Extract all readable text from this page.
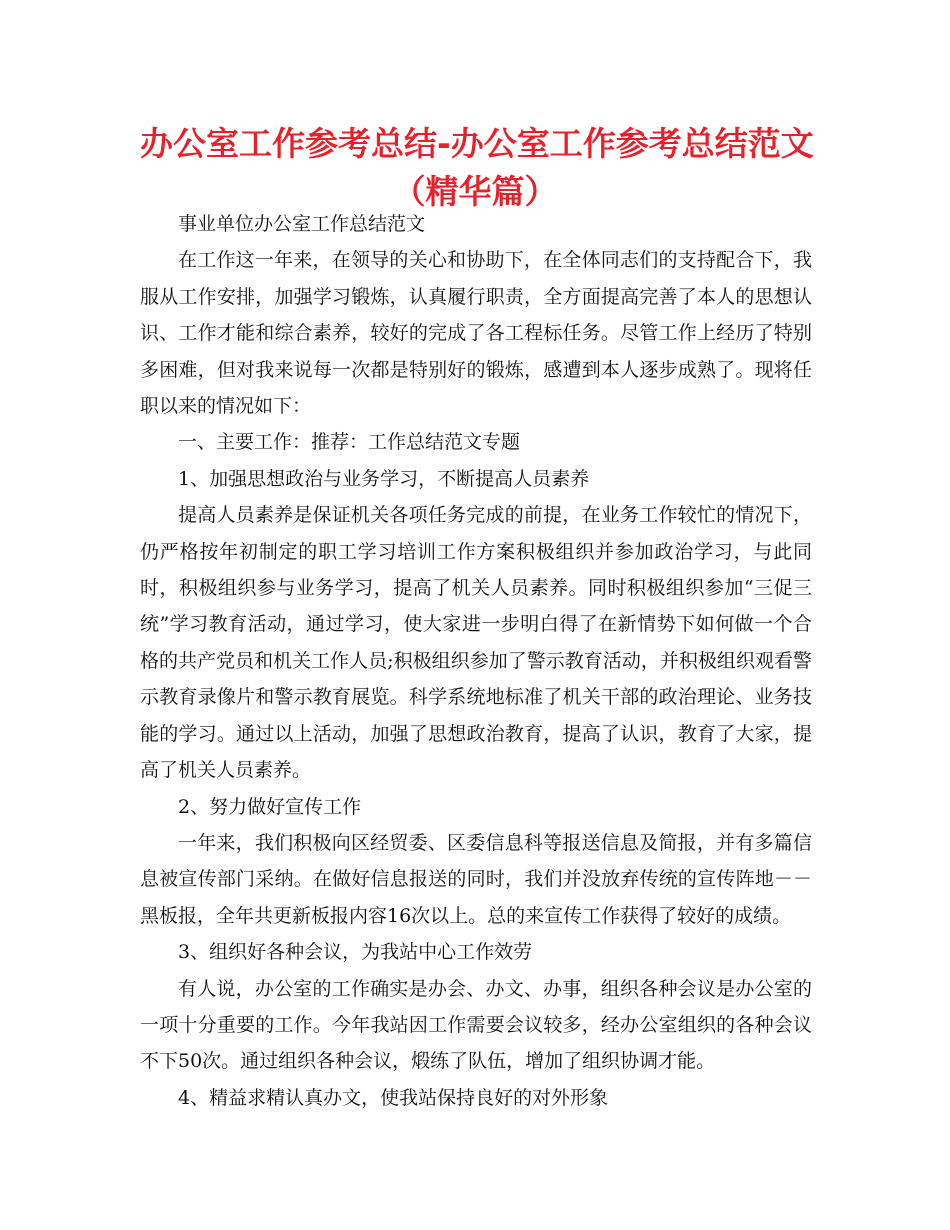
办公室工作参考总结-办公室工作参考总结范文
（精华篇）

事业单位办公室工作总结范文

在工作这一年来，在领导的关心和协助下，在全体同志们的支持配合下，我服从工作安排，加强学习锻炼，认真履行职责，全方面提高完善了本人的思想认识、工作才能和综合素养，较好的完成了各工程标任务。尽管工作上经历了特别多困难，但对我来说每一次都是特别好的锻炼，感遭到本人逐步成熟了。现将任职以来的情况如下：

一、主要工作：推荐：工作总结范文专题

1、加强思想政治与业务学习，不断提高人员素养

提高人员素养是保证机关各项任务完成的前提，在业务工作较忙的情况下，仍严格按年初制定的职工学习培训工作方案积极组织并参加政治学习，与此同时，积极组织参与业务学习，提高了机关人员素养。同时积极组织参加“三促三统”学习教育活动，通过学习，使大家进一步明白得了在新情势下如何做一个合格的共产党员和机关工作人员;积极组织参加了警示教育活动，并积极组织观看警示教育录像片和警示教育展览。科学系统地标准了机关干部的政治理论、业务技能的学习。通过以上活动，加强了思想政治教育，提高了认识，教育了大家，提高了机关人员素养。

2、努力做好宣传工作

一年来，我们积极向区经贸委、区委信息科等报送信息及简报，并有多篇信息被宣传部门采纳。在做好信息报送的同时，我们并没放弃传统的宣传阵地－－黑板报，全年共更新板报内容16次以上。总的来宣传工作获得了较好的成绩。

3、组织好各种会议，为我站中心工作效劳

有人说，办公室的工作确实是办会、办文、办事，组织各种会议是办公室的一项十分重要的工作。今年我站因工作需要会议较多，经办公室组织的各种会议不下50次。通过组织各种会议，煅练了队伍，增加了组织协调才能。

4、精益求精认真办文，使我站保持良好的对外形象
